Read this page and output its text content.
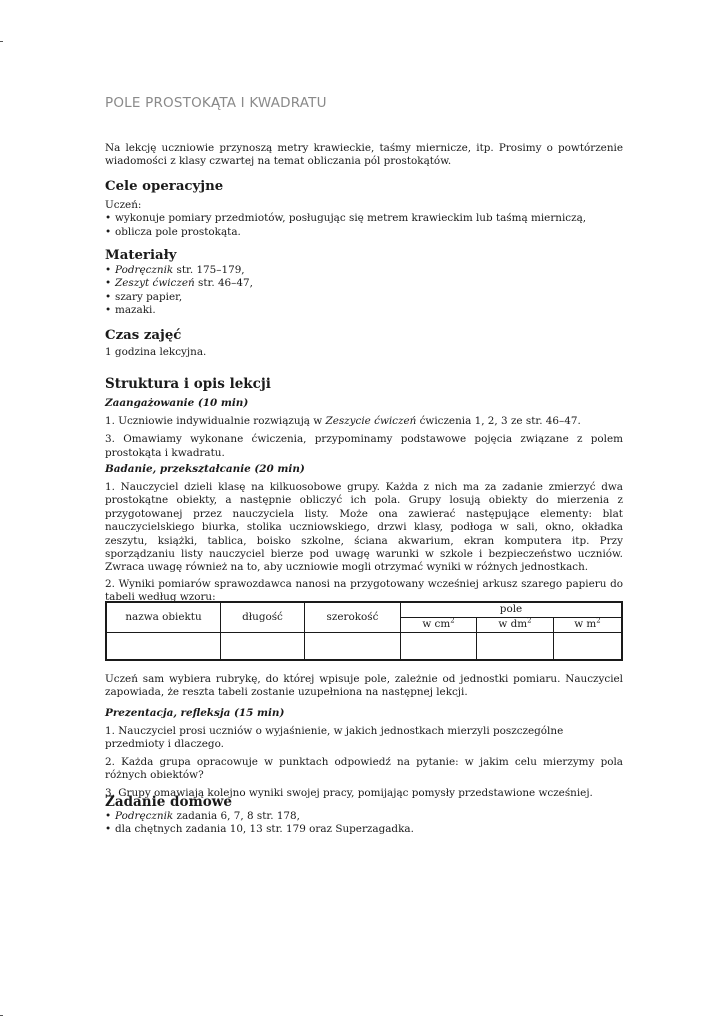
POLE PROSTOKĄTA I KWADRATU
Na lekcję uczniowie przynoszą metry krawieckie, taśmy miernicze, itp. Prosimy o powtórzenie wiadomości z klasy czwartej na temat obliczania pól prostokątów.
Cele operacyjne

Uczeń:

• wykonuje pomiary przedmiotów, posługując się metrem krawieckim lub taśmą mierniczą,
• oblicza pole prostokąta.
Materiały
• Podręcznik str. 175–179,
• Zeszyt ćwiczeń str. 46–47,
• szary papier,
• mazaki.
Czas zajęć

1 godzina lekcyjna.

Struktura i opis lekcji
Zaangażowanie (10 min)

1. Uczniowie indywidualnie rozwiązują w Zeszycie ćwiczeń ćwiczenia 1, 2, 3 ze str. 46–47.

3. Omawiamy wykonane ćwiczenia, przypominamy podstawowe pojęcia związane z polem prostokąta i kwadratu.

Badanie, przekształcanie (20 min)

1. Nauczyciel dzieli klasę na kilkuosobowe grupy. Każda z nich ma za zadanie zmierzyć dwa prostokątne obiekty, a następnie obliczyć ich pola. Grupy losują obiekty do mierzenia z przygotowanej przez nauczyciela listy. Może ona zawierać następujące elementy: blat nauczycielskiego biurka, stolika uczniowskiego, drzwi klasy, podłoga w sali, okno, okładka zeszytu, książki, tablica, boisko szkolne, ściana akwarium, ekran komputera itp. Przy sporządzaniu listy nauczyciel bierze pod uwagę warunki w szkole i bezpieczeństwo uczniów. Zwraca uwagę również na to, aby uczniowie mogli otrzymać wyniki w różnych jednostkach.

2. Wyniki pomiarów sprawozdawca nanosi na przygotowany wcześniej arkusz szarego papieru do tabeli według wzoru:

nazwa obiektu	długość	szerokość	pole		
			w $cm^2$	w $dm^2$	w $m^2$

Uczeń sam wybiera rubrykę, do której wpisuje pole, zależnie od jednostki pomiaru. Nauczyciel zapowiada, że reszta tabeli zostanie uzupełniona na następnej lekcji.
Prezentacja, refleksja (15 min)

1. Nauczyciel prosi uczniów o wyjaśnienie, w jakich jednostkach mierzyli poszczególne przedmioty i dlaczego.

2. Każda grupa opracowuje w punktach odpowiedź na pytanie: w jakim celu mierzymy pola różnych obiektów?

3. Grupy omawiają kolejno wyniki swojej pracy, pomijając pomysły przedstawione wcześniej.

Zadanie domowe
• Podręcznik zadania 6, 7, 8 str. 178,
• dla chętnych zadania 10, 13 str. 179 oraz Superzagadka.
